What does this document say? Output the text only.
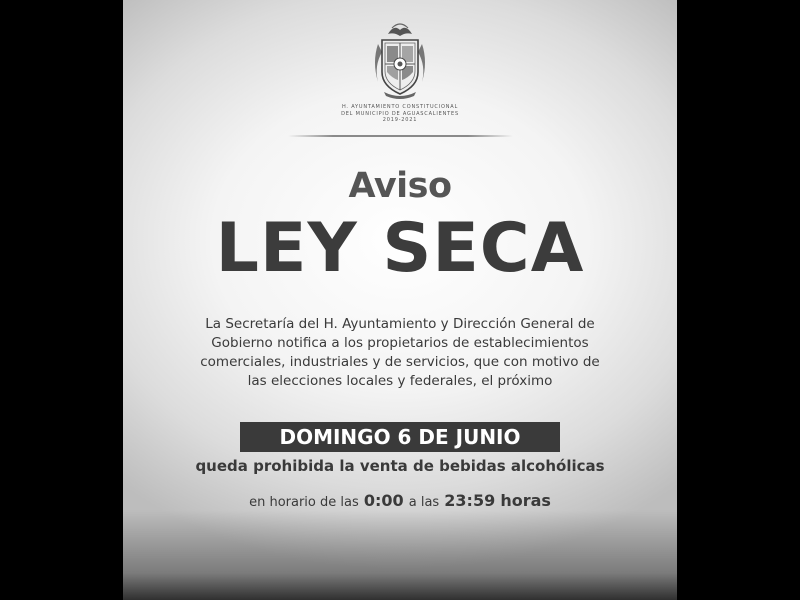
H. AYUNTAMIENTO CONSTITUCIONAL
DEL MUNICIPIO DE AGUASCALIENTES
2019-2021
Aviso
LEY SECA
La Secretaría del H. Ayuntamiento y Dirección General de
Gobierno notifica a los propietarios de establecimientos
comerciales, industriales y de servicios, que con motivo de
las elecciones locales y federales, el próximo
DOMINGO 6 DE JUNIO
queda prohibida la venta de bebidas alcohólicas
en horario de las 0:00 a las 23:59 horas
